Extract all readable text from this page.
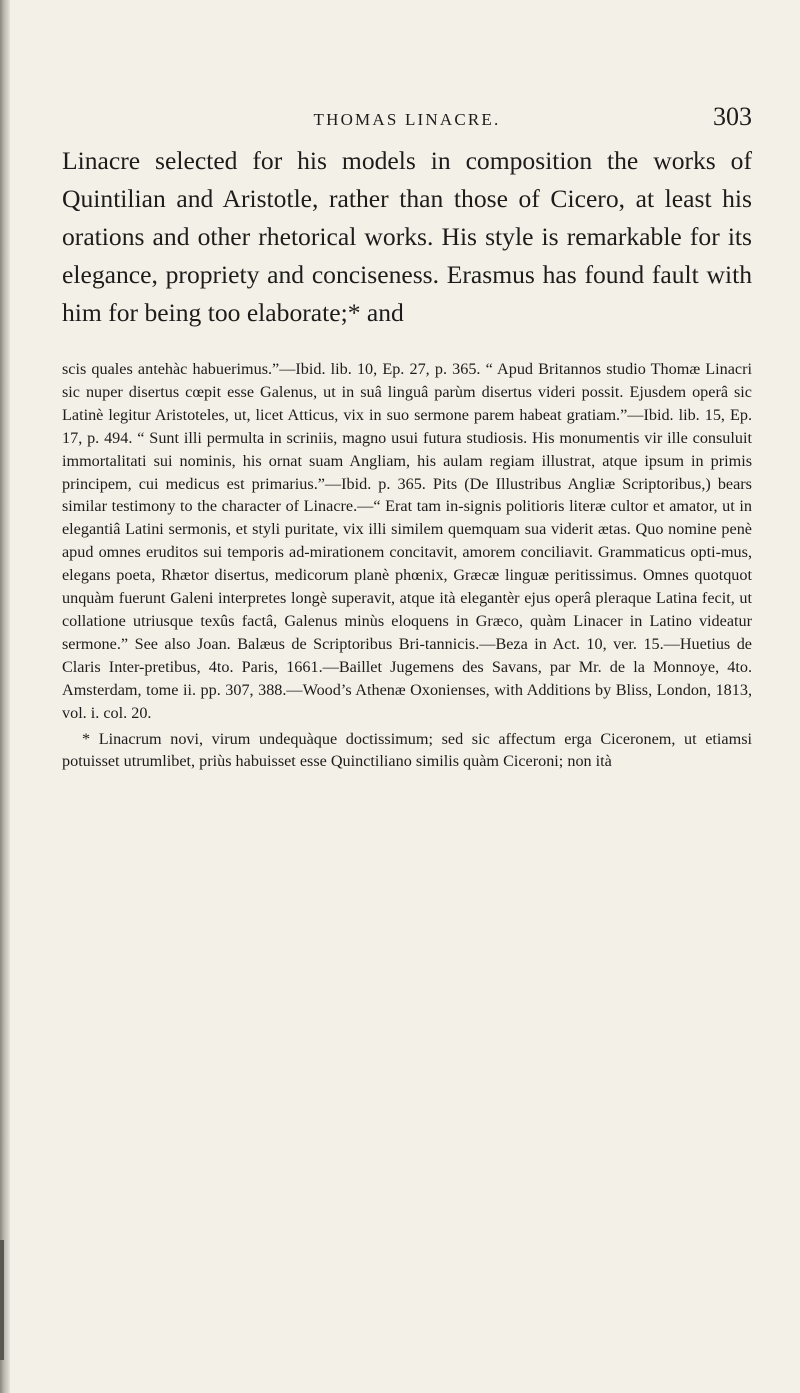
THOMAS LINACRE.	303

Linacre selected for his models in composition the works of Quintilian and Aristotle, rather than those of Cicero, at least his orations and other rhetorical works. His style is remarkable for its elegance, propriety and conciseness. Erasmus has found fault with him for being too elaborate;* and

scis quales antehàc habuerimus.”—Ibid. lib. 10, Ep. 27, p. 365. “ Apud Britannos studio Thomæ Linacri sic nuper disertus cœpit esse Galenus, ut in suâ linguâ parùm disertus videri possit. Ejusdem operâ sic Latinè legitur Aristoteles, ut, licet Atticus, vix in suo sermone parem habeat gratiam.”—Ibid. lib. 15, Ep. 17, p. 494. “ Sunt illi permulta in scriniis, magno usui futura studiosis. His monumentis vir ille consuluit immortalitati sui nominis, his ornat suam Angliam, his aulam regiam illustrat, atque ipsum in primis principem, cui medicus est primarius.”—Ibid. p. 365. Pits (De Illustribus Angliæ Scriptoribus,) bears similar testimony to the character of Linacre.—“ Erat tam in-signis politioris literæ cultor et amator, ut in elegantiâ Latini sermonis, et styli puritate, vix illi similem quemquam sua viderit ætas. Quo nomine penè apud omnes eruditos sui temporis ad-mirationem concitavit, amorem conciliavit. Grammaticus opti-mus, elegans poeta, Rhætor disertus, medicorum planè phœnix, Græcæ linguæ peritissimus. Omnes quotquot unquàm fuerunt Galeni interpretes longè superavit, atque ità elegantèr ejus operâ pleraque Latina fecit, ut collatione utriusque texûs factâ, Galenus minùs eloquens in Græco, quàm Linacer in Latino videatur sermone.” See also Joan. Balæus de Scriptoribus Bri-tannicis.—Beza in Act. 10, ver. 15.—Huetius de Claris Inter-pretibus, 4to. Paris, 1661.—Baillet Jugemens des Savans, par Mr. de la Monnoye, 4to. Amsterdam, tome ii. pp. 307, 388.—Wood’s Athenæ Oxonienses, with Additions by Bliss, London, 1813, vol. i. col. 20.

* Linacrum novi, virum undequàque doctissimum; sed sic affectum erga Ciceronem, ut etiamsi potuisset utrumlibet, priùs habuisset esse Quinctiliano similis quàm Ciceroni; non ità
